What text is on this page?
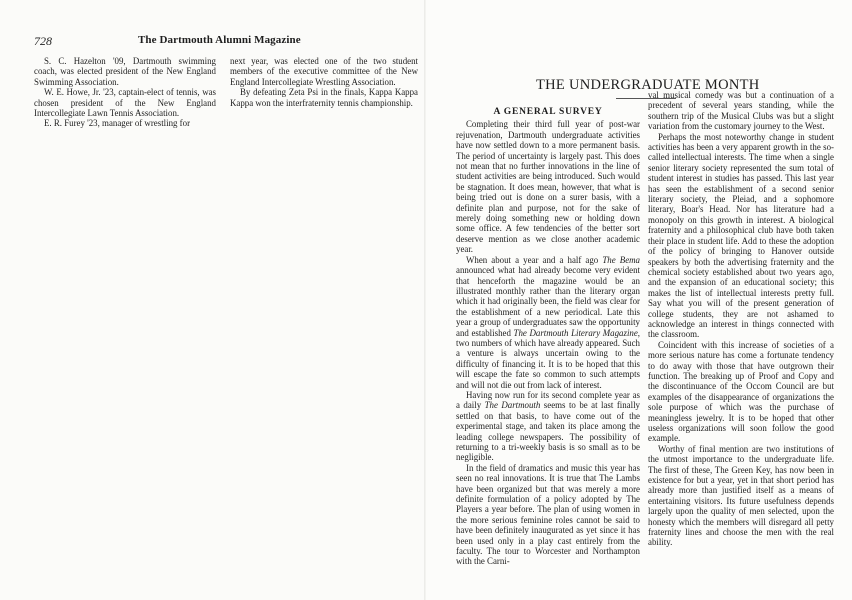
728	The Dartmouth Alumni Magazine

S. C. Hazelton '09, Dartmouth swimming coach, was elected president of the New England Swimming Association.

W. E. Howe, Jr. '23, captain-elect of tennis, was chosen president of the New England Intercollegiate Lawn Tennis Association.

E. R. Furey '23, manager of wrestling for

next year, was elected one of the two student members of the executive committee of the New England Intercollegiate Wrestling Association.

By defeating Zeta Psi in the finals, Kappa Kappa Kappa won the interfraternity tennis championship.

THE UNDERGRADUATE MONTH
A GENERAL SURVEY

Completing their third full year of post-war rejuvenation, Dartmouth undergraduate activities have now settled down to a more permanent basis. The period of uncertainty is largely past. This does not mean that no further innovations in the line of student activities are being introduced. Such would be stagnation. It does mean, however, that what is being tried out is done on a surer basis, with a definite plan and purpose, not for the sake of merely doing something new or holding down some office. A few tendencies of the better sort deserve mention as we close another academic year.

When about a year and a half ago The Bema announced what had already become very evident that henceforth the magazine would be an illustrated monthly rather than the literary organ which it had originally been, the field was clear for the establishment of a new periodical. Late this year a group of undergraduates saw the opportunity and established The Dartmouth Literary Magazine, two numbers of which have already appeared. Such a venture is always uncertain owing to the difficulty of financing it. It is to be hoped that this will escape the fate so common to such attempts and will not die out from lack of interest.

Having now run for its second complete year as a daily The Dartmouth seems to be at last finally settled on that basis, to have come out of the experimental stage, and taken its place among the leading college newspapers. The possibility of returning to a tri-weekly basis is so small as to be negligible.

In the field of dramatics and music this year has seen no real innovations. It is true that The Lambs have been organized but that was merely a more definite formulation of a policy adopted by The Players a year before. The plan of using women in the more serious feminine roles cannot be said to have been definitely inaugurated as yet since it has been used only in a play cast entirely from the faculty. The tour to Worcester and Northampton with the Carni-

val musical comedy was but a continuation of a precedent of several years standing, while the southern trip of the Musical Clubs was but a slight variation from the customary journey to the West.

Perhaps the most noteworthy change in student activities has been a very apparent growth in the so-called intellectual interests. The time when a single senior literary society represented the sum total of student interest in studies has passed. This last year has seen the establishment of a second senior literary society, the Pleiad, and a sophomore literary, Boar's Head. Nor has literature had a monopoly on this growth in interest. A biological fraternity and a philosophical club have both taken their place in student life. Add to these the adoption of the policy of bringing to Hanover outside speakers by both the advertising fraternity and the chemical society established about two years ago, and the expansion of an educational society; this makes the list of intellectual interests pretty full. Say what you will of the present generation of college students, they are not ashamed to acknowledge an interest in things connected with the classroom.

Coincident with this increase of societies of a more serious nature has come a fortunate tendency to do away with those that have outgrown their function. The breaking up of Proof and Copy and the discontinuance of the Occom Council are but examples of the disappearance of organizations the sole purpose of which was the purchase of meaningless jewelry. It is to be hoped that other useless organizations will soon follow the good example.

Worthy of final mention are two institutions of the utmost importance to the undergraduate life. The first of these, The Green Key, has now been in existence for but a year, yet in that short period has already more than justified itself as a means of entertaining visitors. Its future usefulness depends largely upon the quality of men selected, upon the honesty which the members will disregard all petty fraternity lines and choose the men with the real ability.
